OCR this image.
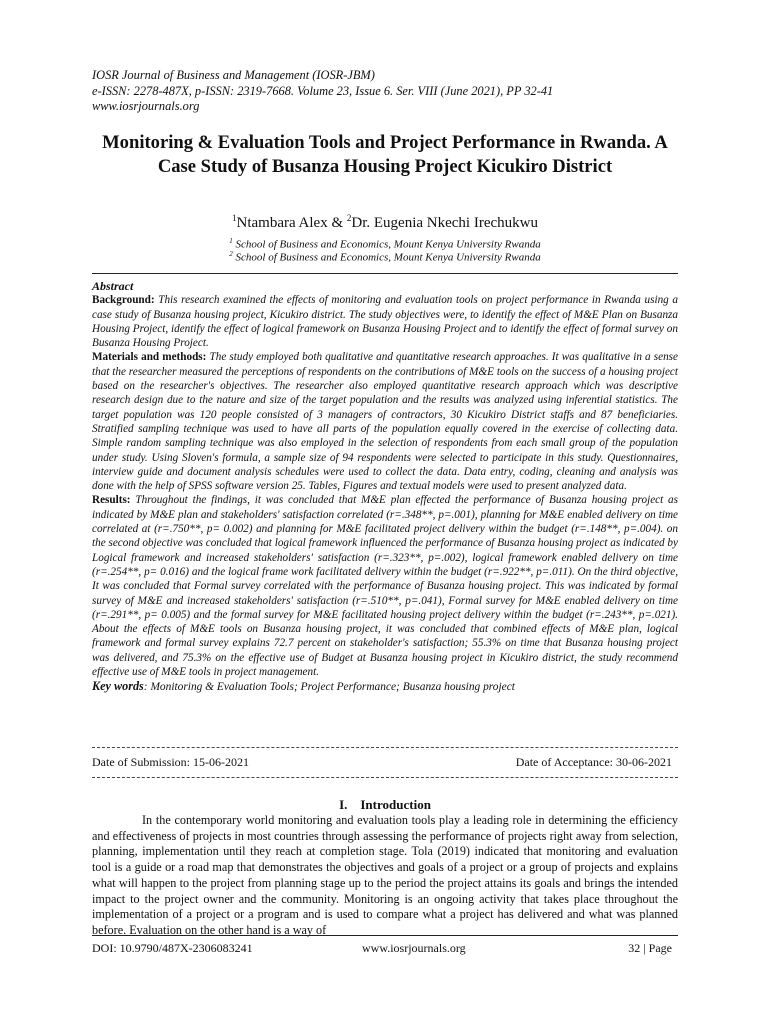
IOSR Journal of Business and Management (IOSR-JBM)
e-ISSN: 2278-487X, p-ISSN: 2319-7668. Volume 23, Issue 6. Ser. VIII (June 2021), PP 32-41
www.iosrjournals.org
Monitoring & Evaluation Tools and Project Performance in Rwanda. A Case Study of Busanza Housing Project Kicukiro District
$^1$Ntambara Alex & $^2$Dr. Eugenia Nkechi Irechukwu
$^1$ School of Business and Economics, Mount Kenya University Rwanda
$^2$ School of Business and Economics, Mount Kenya University Rwanda
Abstract

Background: This research examined the effects of monitoring and evaluation tools on project performance in Rwanda using a case study of Busanza housing project, Kicukiro district. The study objectives were, to identify the effect of M&E Plan on Busanza Housing Project, identify the effect of logical framework on Busanza Housing Project and to identify the effect of formal survey on Busanza Housing Project.

Materials and methods: The study employed both qualitative and quantitative research approaches. It was qualitative in a sense that the researcher measured the perceptions of respondents on the contributions of M&E tools on the success of a housing project based on the researcher's objectives. The researcher also employed quantitative research approach which was descriptive research design due to the nature and size of the target population and the results was analyzed using inferential statistics. The target population was 120 people consisted of 3 managers of contractors, 30 Kicukiro District staffs and 87 beneficiaries. Stratified sampling technique was used to have all parts of the population equally covered in the exercise of collecting data. Simple random sampling technique was also employed in the selection of respondents from each small group of the population under study. Using Sloven's formula, a sample size of 94 respondents were selected to participate in this study. Questionnaires, interview guide and document analysis schedules were used to collect the data. Data entry, coding, cleaning and analysis was done with the help of SPSS software version 25. Tables, Figures and textual models were used to present analyzed data.

Results: Throughout the findings, it was concluded that M&E plan effected the performance of Busanza housing project as indicated by M&E plan and stakeholders' satisfaction correlated (r=.348**, p=.001), planning for M&E enabled delivery on time correlated at (r=.750**, p= 0.002) and planning for M&E facilitated project delivery within the budget (r=.148**, p=.004). on the second objective was concluded that logical framework influenced the performance of Busanza housing project as indicated by Logical framework and increased stakeholders' satisfaction (r=.323**, p=.002), logical framework enabled delivery on time (r=.254**, p= 0.016) and the logical frame work facilitated delivery within the budget (r=.922**, p=.011). On the third objective, It was concluded that Formal survey correlated with the performance of Busanza housing project. This was indicated by formal survey of M&E and increased stakeholders' satisfaction (r=.510**, p=.041), Formal survey for M&E enabled delivery on time (r=.291**, p= 0.005) and the formal survey for M&E facilitated housing project delivery within the budget (r=.243**, p=.021). About the effects of M&E tools on Busanza housing project, it was concluded that combined effects of M&E plan, logical framework and formal survey explains 72.7 percent on stakeholder's satisfaction; 55.3% on time that Busanza housing project was delivered, and 75.3% on the effective use of Budget at Busanza housing project in Kicukiro district, the study recommend effective use of M&E tools in project management.

Key words: Monitoring & Evaluation Tools; Project Performance; Busanza housing project

Date of Submission: 15-06-2021	Date of Acceptance: 30-06-2021
I.    Introduction

In the contemporary world monitoring and evaluation tools play a leading role in determining the efficiency and effectiveness of projects in most countries through assessing the performance of projects right away from selection, planning, implementation until they reach at completion stage. Tola (2019) indicated that monitoring and evaluation tool is a guide or a road map that demonstrates the objectives and goals of a project or a group of projects and explains what will happen to the project from planning stage up to the period the project attains its goals and brings the intended impact to the project owner and the community. Monitoring is an ongoing activity that takes place throughout the implementation of a project or a program and is used to compare what a project has delivered and what was planned before. Evaluation on the other hand is a way of

DOI: 10.9790/487X-2306083241	www.iosrjournals.org	32 | Page
